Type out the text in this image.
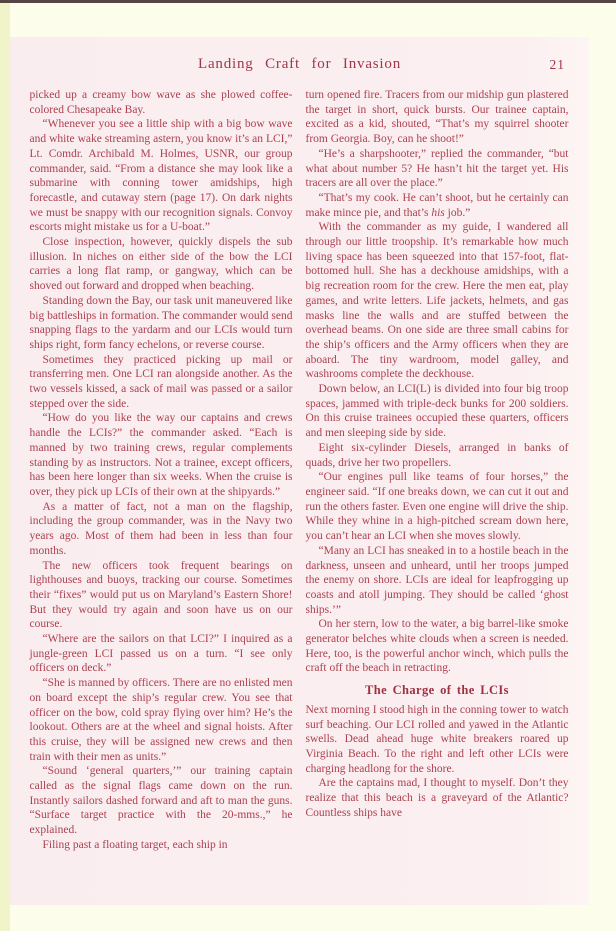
Landing Craft for Invasion	21

picked up a creamy bow wave as she plowed coffee-colored Chesapeake Bay.

“Whenever you see a little ship with a big bow wave and white wake streaming astern, you know it’s an LCI,” Lt. Comdr. Archibald M. Holmes, USNR, our group commander, said. “From a distance she may look like a submarine with conning tower amidships, high forecastle, and cutaway stern (page 17). On dark nights we must be snappy with our recognition signals. Convoy escorts might mistake us for a U-boat.”

Close inspection, however, quickly dispels the sub illusion. In niches on either side of the bow the LCI carries a long flat ramp, or gangway, which can be shoved out forward and dropped when beaching.

Standing down the Bay, our task unit maneuvered like big battleships in formation. The commander would send snapping flags to the yardarm and our LCIs would turn ships right, form fancy echelons, or reverse course.

Sometimes they practiced picking up mail or transferring men. One LCI ran alongside another. As the two vessels kissed, a sack of mail was passed or a sailor stepped over the side.

“How do you like the way our captains and crews handle the LCIs?” the commander asked. “Each is manned by two training crews, regular complements standing by as instructors. Not a trainee, except officers, has been here longer than six weeks. When the cruise is over, they pick up LCIs of their own at the shipyards.”

As a matter of fact, not a man on the flagship, including the group commander, was in the Navy two years ago. Most of them had been in less than four months.

The new officers took frequent bearings on lighthouses and buoys, tracking our course. Sometimes their “fixes” would put us on Maryland’s Eastern Shore! But they would try again and soon have us on our course.

“Where are the sailors on that LCI?” I inquired as a jungle-green LCI passed us on a turn. “I see only officers on deck.”

“She is manned by officers. There are no enlisted men on board except the ship’s regular crew. You see that officer on the bow, cold spray flying over him? He’s the lookout. Others are at the wheel and signal hoists. After this cruise, they will be assigned new crews and then train with their men as units.”

“Sound ‘general quarters,’” our training captain called as the signal flags came down on the run. Instantly sailors dashed forward and aft to man the guns. “Surface target practice with the 20-mms.,” he explained.

Filing past a floating target, each ship in

turn opened fire. Tracers from our midship gun plastered the target in short, quick bursts. Our trainee captain, excited as a kid, shouted, “That’s my squirrel shooter from Georgia. Boy, can he shoot!”

“He’s a sharpshooter,” replied the commander, “but what about number 5? He hasn’t hit the target yet. His tracers are all over the place.”

“That’s my cook. He can’t shoot, but he certainly can make mince pie, and that’s his job.”

With the commander as my guide, I wandered all through our little troopship. It’s remarkable how much living space has been squeezed into that 157-foot, flat-bottomed hull. She has a deckhouse amidships, with a big recreation room for the crew. Here the men eat, play games, and write letters. Life jackets, helmets, and gas masks line the walls and are stuffed between the overhead beams. On one side are three small cabins for the ship’s officers and the Army officers when they are aboard. The tiny wardroom, model galley, and washrooms complete the deckhouse.

Down below, an LCI(L) is divided into four big troop spaces, jammed with triple-deck bunks for 200 soldiers. On this cruise trainees occupied these quarters, officers and men sleeping side by side.

Eight six-cylinder Diesels, arranged in banks of quads, drive her two propellers.

“Our engines pull like teams of four horses,” the engineer said. “If one breaks down, we can cut it out and run the others faster. Even one engine will drive the ship. While they whine in a high-pitched scream down here, you can’t hear an LCI when she moves slowly.

“Many an LCI has sneaked in to a hostile beach in the darkness, unseen and unheard, until her troops jumped the enemy on shore. LCIs are ideal for leapfrogging up coasts and atoll jumping. They should be called ‘ghost ships.’”

On her stern, low to the water, a big barrel-like smoke generator belches white clouds when a screen is needed. Here, too, is the powerful anchor winch, which pulls the craft off the beach in retracting.

The Charge of the LCIs

Next morning I stood high in the conning tower to watch surf beaching. Our LCI rolled and yawed in the Atlantic swells. Dead ahead huge white breakers roared up Virginia Beach. To the right and left other LCIs were charging headlong for the shore.

Are the captains mad, I thought to myself. Don’t they realize that this beach is a graveyard of the Atlantic? Countless ships have
